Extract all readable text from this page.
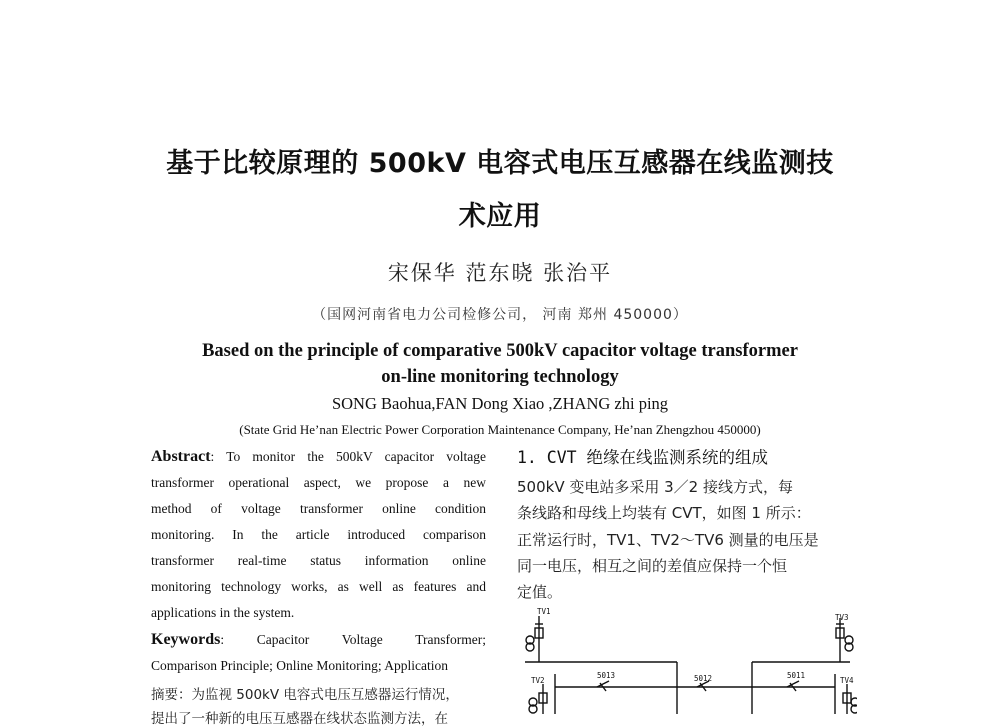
基于比较原理的 500kV 电容式电压互感器在线监测技
术应用
宋保华 范东晓 张治平
（国网河南省电力公司检修公司， 河南 郑州 450000）
Based on the principle of comparative 500kV capacitor voltage transformer
on-line monitoring technology
SONG Baohua,FAN Dong Xiao ,ZHANG zhi ping
(State Grid He’nan Electric Power Corporation Maintenance Company, He’nan Zhengzhou 450000)
Abstract: To monitor the 500kV capacitor voltage
transformer operational aspect, we propose a new
method of voltage transformer online condition
monitoring. In the article introduced comparison
transformer real-time status information online
monitoring technology works, as well as features and
applications in the system.
Keywords: Capacitor Voltage Transformer;
Comparison Principle; Online Monitoring; Application
摘要：为监视 500kV 电容式电压互感器运行情况，
提出了一种新的电压互感器在线状态监测方法，在
1. CVT 绝缘在线监测系统的组成
500kV 变电站多采用 3／2 接线方式，每
条线路和母线上均装有 CVT，如图 1 所示：
正常运行时，TV1、TV2～TV6 测量的电压是
同一电压，相互之间的差值应保持一个恒
定值。
TV1
TV3
TV2	TV4
5013	5012	5011
